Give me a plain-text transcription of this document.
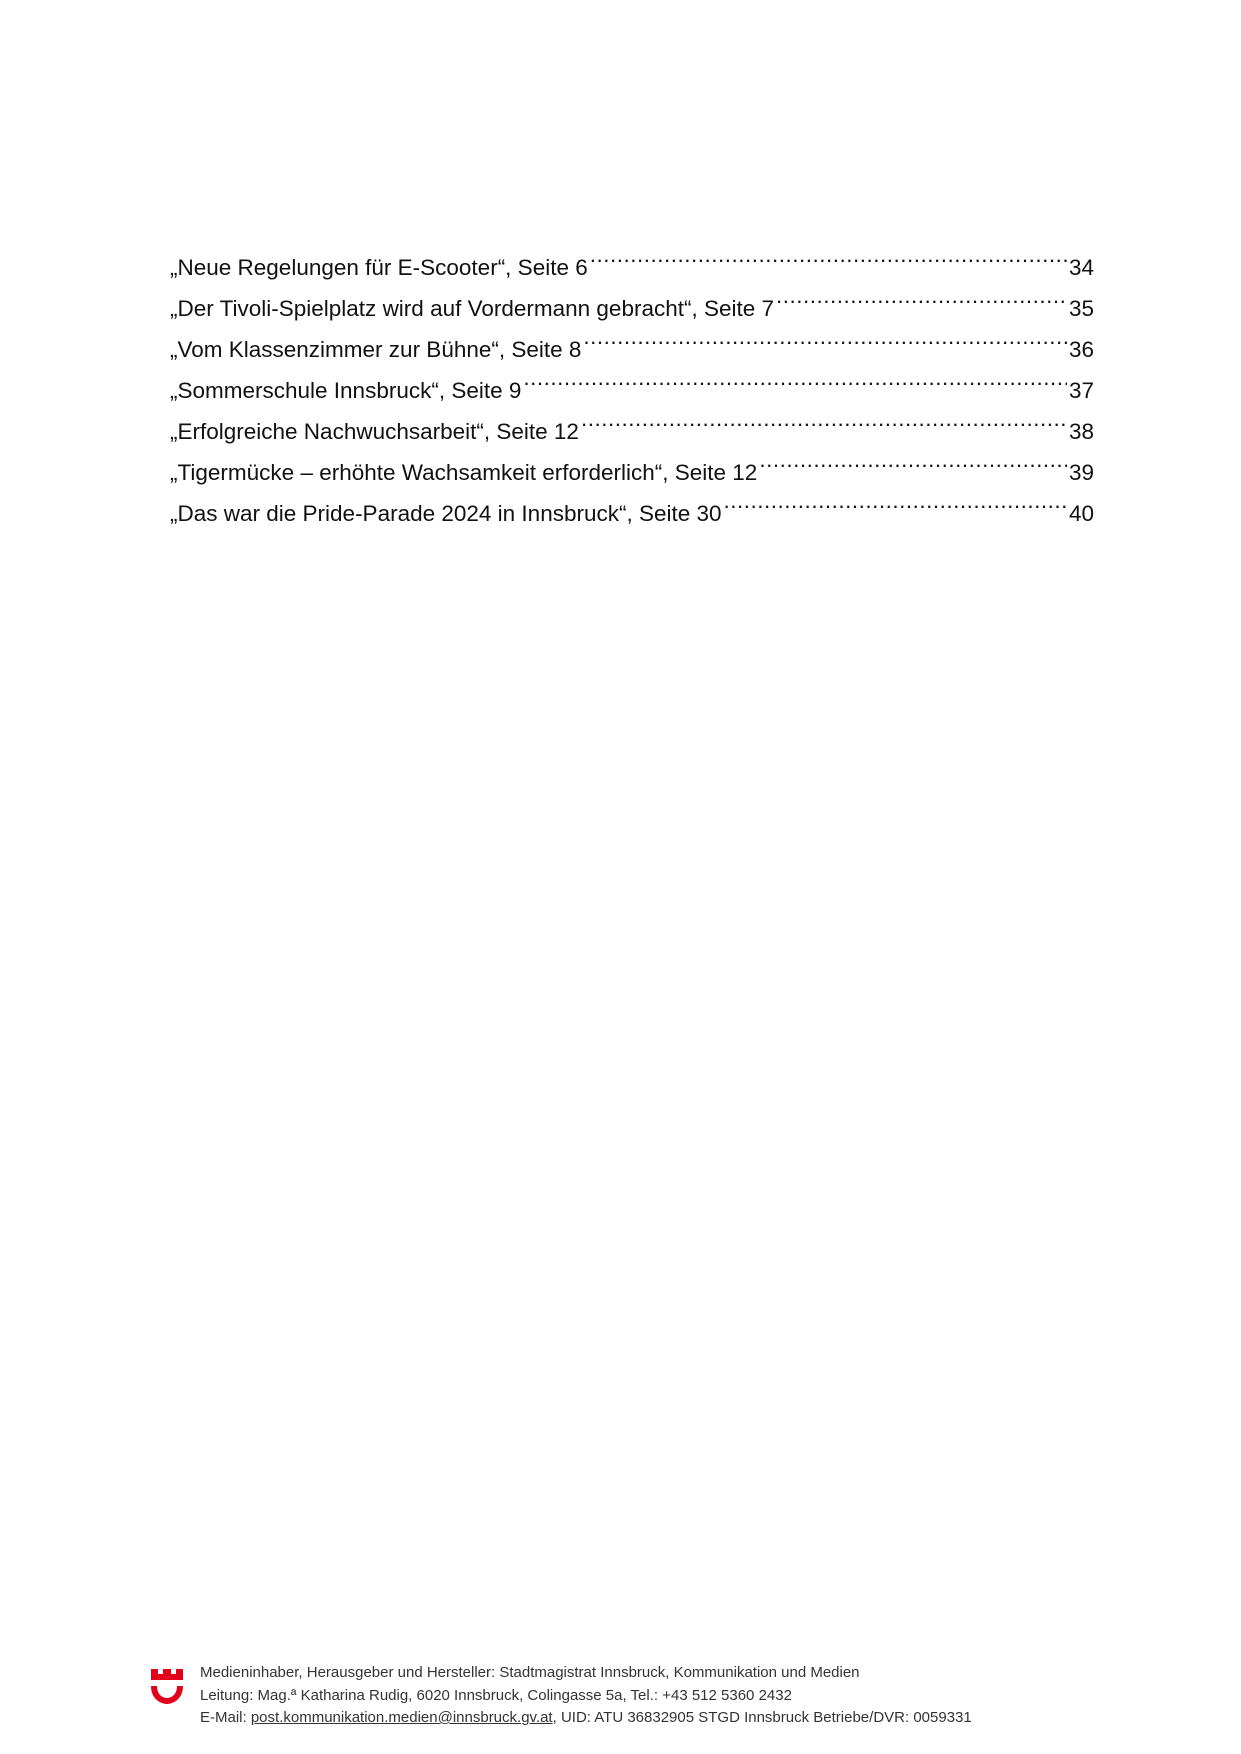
„Neue Regelungen für E-Scooter“, Seite 6 .....	34
„Der Tivoli-Spielplatz wird auf Vordermann gebracht“, Seite 7 .....	35
„Vom Klassenzimmer zur Bühne“, Seite 8 .....	36
„Sommerschule Innsbruck“, Seite 9 .....	37
„Erfolgreiche Nachwuchsarbeit“, Seite 12 .....	38
„Tigermücke – erhöhte Wachsamkeit erforderlich“, Seite 12 .....	39
„Das war die Pride-Parade 2024 in Innsbruck“, Seite 30 .....	40
Medieninhaber, Herausgeber und Hersteller: Stadtmagistrat Innsbruck, Kommunikation und Medien
Leitung: Mag.ª Katharina Rudig, 6020 Innsbruck, Colingasse 5a, Tel.: +43 512 5360 2432
E-Mail: post.kommunikation.medien@innsbruck.gv.at, UID: ATU 36832905 STGD Innsbruck Betriebe/DVR: 0059331
